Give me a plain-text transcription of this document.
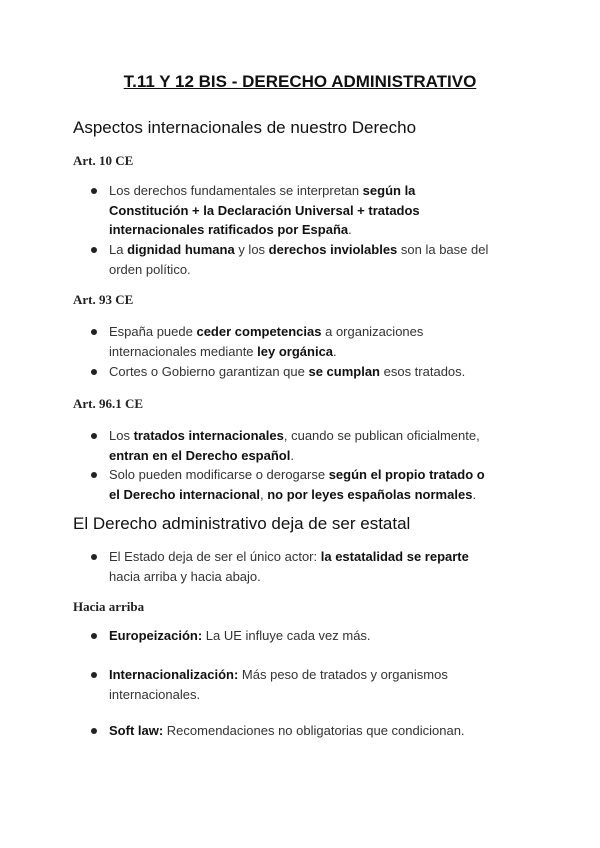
T.11 Y 12 BIS - DERECHO ADMINISTRATIVO
Aspectos internacionales de nuestro Derecho
Art. 10 CE
Los derechos fundamentales se interpretan según la
Constitución + la Declaración Universal + tratados
internacionales ratificados por España.
La dignidad humana y los derechos inviolables son la base del
orden político.
Art. 93 CE
España puede ceder competencias a organizaciones
internacionales mediante ley orgánica.
Cortes o Gobierno garantizan que se cumplan esos tratados.
Art. 96.1 CE
Los tratados internacionales, cuando se publican oficialmente,
entran en el Derecho español.
Solo pueden modificarse o derogarse según el propio tratado o
el Derecho internacional, no por leyes españolas normales.
El Derecho administrativo deja de ser estatal
El Estado deja de ser el único actor: la estatalidad se reparte
hacia arriba y hacia abajo.
Hacia arriba
Europeización: La UE influye cada vez más.
Internacionalización: Más peso de tratados y organismos
internacionales.
Soft law: Recomendaciones no obligatorias que condicionan.
